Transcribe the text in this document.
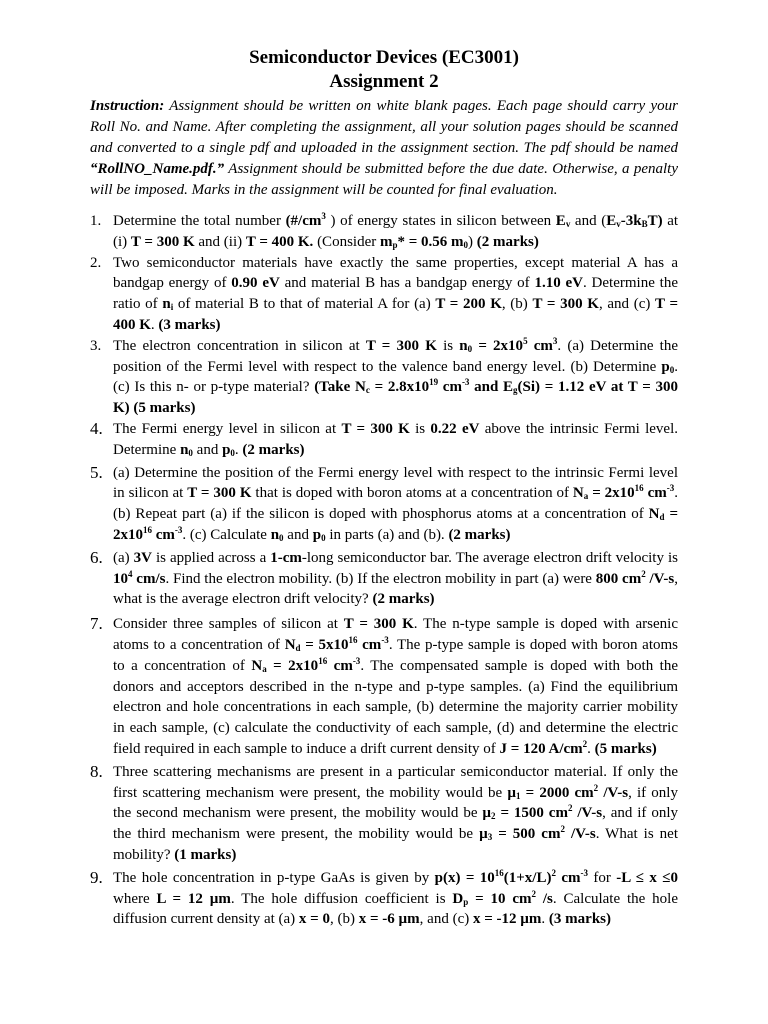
Semiconductor Devices (EC3001)
Assignment 2
Instruction: Assignment should be written on white blank pages. Each page should carry your Roll No. and Name. After completing the assignment, all your solution pages should be scanned and converted to a single pdf and uploaded in the assignment section. The pdf should be named “RollNO_Name.pdf.” Assignment should be submitted before the due date. Otherwise, a penalty will be imposed. Marks in the assignment will be counted for final evaluation.
1. Determine the total number ($\#/cm^3$ ) of energy states in silicon between $E_v$ and $(E_v-3k_BT)$ at (i) T = 300 K and (ii) T = 400 K. (Consider $m_p* = 0.56$ $m_0$) (2 marks)
2. Two semiconductor materials have exactly the same properties, except material A has a bandgap energy of 0.90 eV and material B has a bandgap energy of 1.10 eV. Determine the ratio of $n_i$ of material B to that of material A for (a) T = 200 K, (b) T = 300 K, and (c) T = 400 K. (3 marks)
3. The electron concentration in silicon at T = 300 K is $n_0 = 2x10^5$ $cm^3$. (a) Determine the position of the Fermi level with respect to the valence band energy level. (b) Determine $p_0$. (c) Is this n- or p-type material? (Take $N_c = 2.8x10^{19}$ $cm^{-3}$ and $E_g(Si) = 1.12$ eV at T = 300 K) (5 marks)
4. The Fermi energy level in silicon at T = 300 K is 0.22 eV above the intrinsic Fermi level. Determine $n_0$ and $p_0$. (2 marks)
5. (a) Determine the position of the Fermi energy level with respect to the intrinsic Fermi level in silicon at T = 300 K that is doped with boron atoms at a concentration of $N_a = 2x10^{16}$ $cm^{-3}$. (b) Repeat part (a) if the silicon is doped with phosphorus atoms at a concentration of $N_d = 2x10^{16}$ $cm^{-3}$. (c) Calculate $n_0$ and $p_0$ in parts (a) and (b). (2 marks)
6. (a) 3V is applied across a 1-cm-long semiconductor bar. The average electron drift velocity is $10^4$ cm/s. Find the electron mobility. (b) If the electron mobility in part (a) were 800 $cm^2$ /V-s, what is the average electron drift velocity? (2 marks)
7. Consider three samples of silicon at T = 300 K. The n-type sample is doped with arsenic atoms to a concentration of $N_d = 5x10^{16}$ $cm^{-3}$. The p-type sample is doped with boron atoms to a concentration of $N_a = 2x10^{16}$ $cm^{-3}$. The compensated sample is doped with both the donors and acceptors described in the n-type and p-type samples. (a) Find the equilibrium electron and hole concentrations in each sample, (b) determine the majority carrier mobility in each sample, (c) calculate the conductivity of each sample, (d) and determine the electric field required in each sample to induce a drift current density of J = 120 $A/cm^2$. (5 marks)
8. Three scattering mechanisms are present in a particular semiconductor material. If only the first scattering mechanism were present, the mobility would be µ$_1$ = 2000 $cm^2$ /V-s, if only the second mechanism were present, the mobility would be µ$_2$ = 1500 $cm^2$ /V-s, and if only the third mechanism were present, the mobility would be µ$_3$ = 500 $cm^2$ /V-s. What is net mobility? (1 marks)
9. The hole concentration in p-type GaAs is given by $p(x) = 10^{16}(1+x/L)^2$ $cm^{-3}$ for -L ≤ x ≤0 where L = 12 µm. The hole diffusion coefficient is $D_p = 10$ $cm^2$ /s. Calculate the hole diffusion current density at (a) x = 0, (b) x = -6 µm, and (c) x = -12 µm. (3 marks)
